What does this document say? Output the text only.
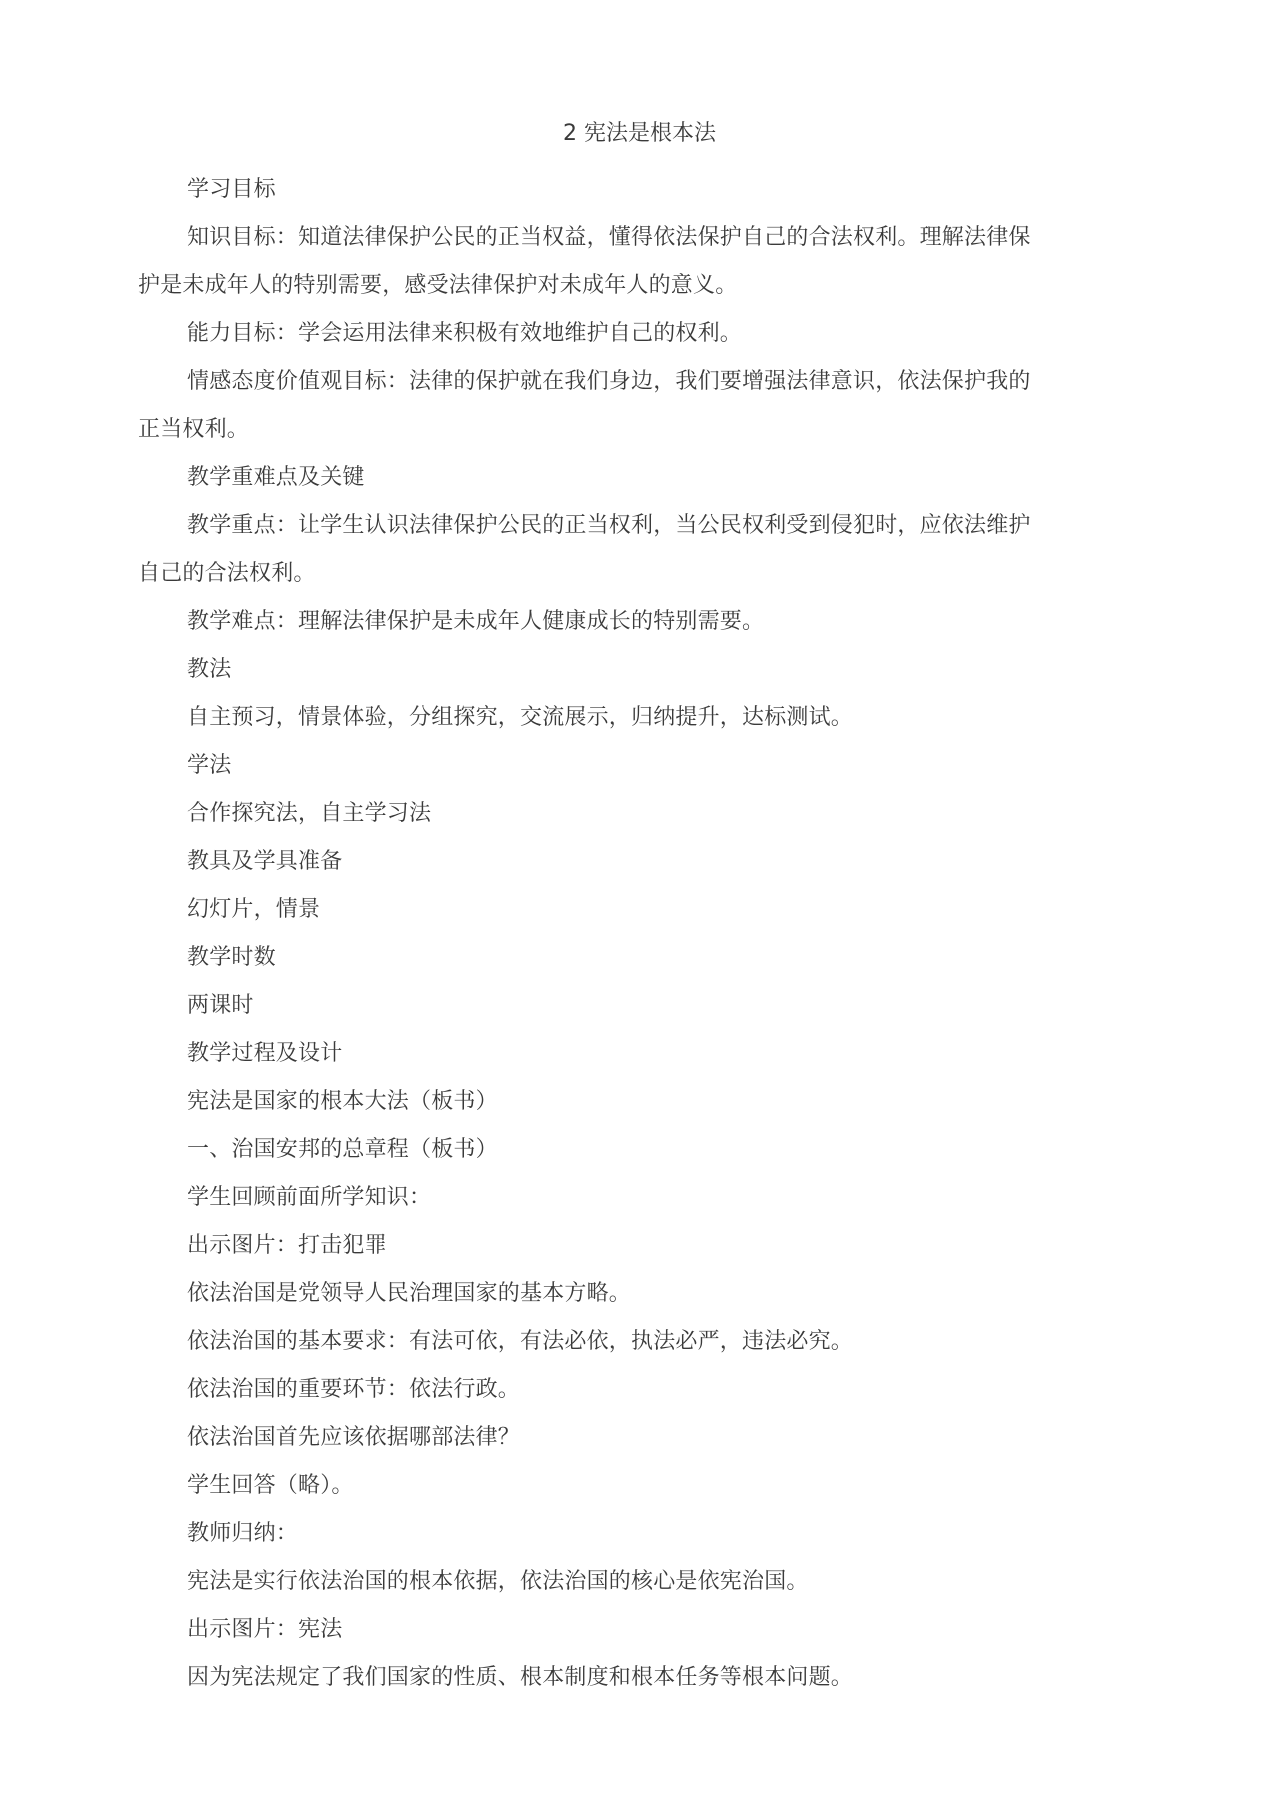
2 宪法是根本法

学习目标

知识目标：知道法律保护公民的正当权益，懂得依法保护自己的合法权利。理解法律保护是未成年人的特别需要，感受法律保护对未成年人的意义。

能力目标：学会运用法律来积极有效地维护自己的权利。

情感态度价值观目标：法律的保护就在我们身边，我们要增强法律意识，依法保护我的正当权利。

教学重难点及关键

教学重点：让学生认识法律保护公民的正当权利，当公民权利受到侵犯时，应依法维护自己的合法权利。

教学难点：理解法律保护是未成年人健康成长的特别需要。

教法

自主预习，情景体验，分组探究，交流展示，归纳提升，达标测试。

学法

合作探究法，自主学习法

教具及学具准备

幻灯片，情景

教学时数

两课时

教学过程及设计

宪法是国家的根本大法（板书）

一、治国安邦的总章程（板书）

学生回顾前面所学知识：

出示图片：打击犯罪

依法治国是党领导人民治理国家的基本方略。

依法治国的基本要求：有法可依，有法必依，执法必严，违法必究。

依法治国的重要环节：依法行政。

依法治国首先应该依据哪部法律？

学生回答（略）。

教师归纳：

宪法是实行依法治国的根本依据，依法治国的核心是依宪治国。

出示图片：宪法

因为宪法规定了我们国家的性质、根本制度和根本任务等根本问题。
